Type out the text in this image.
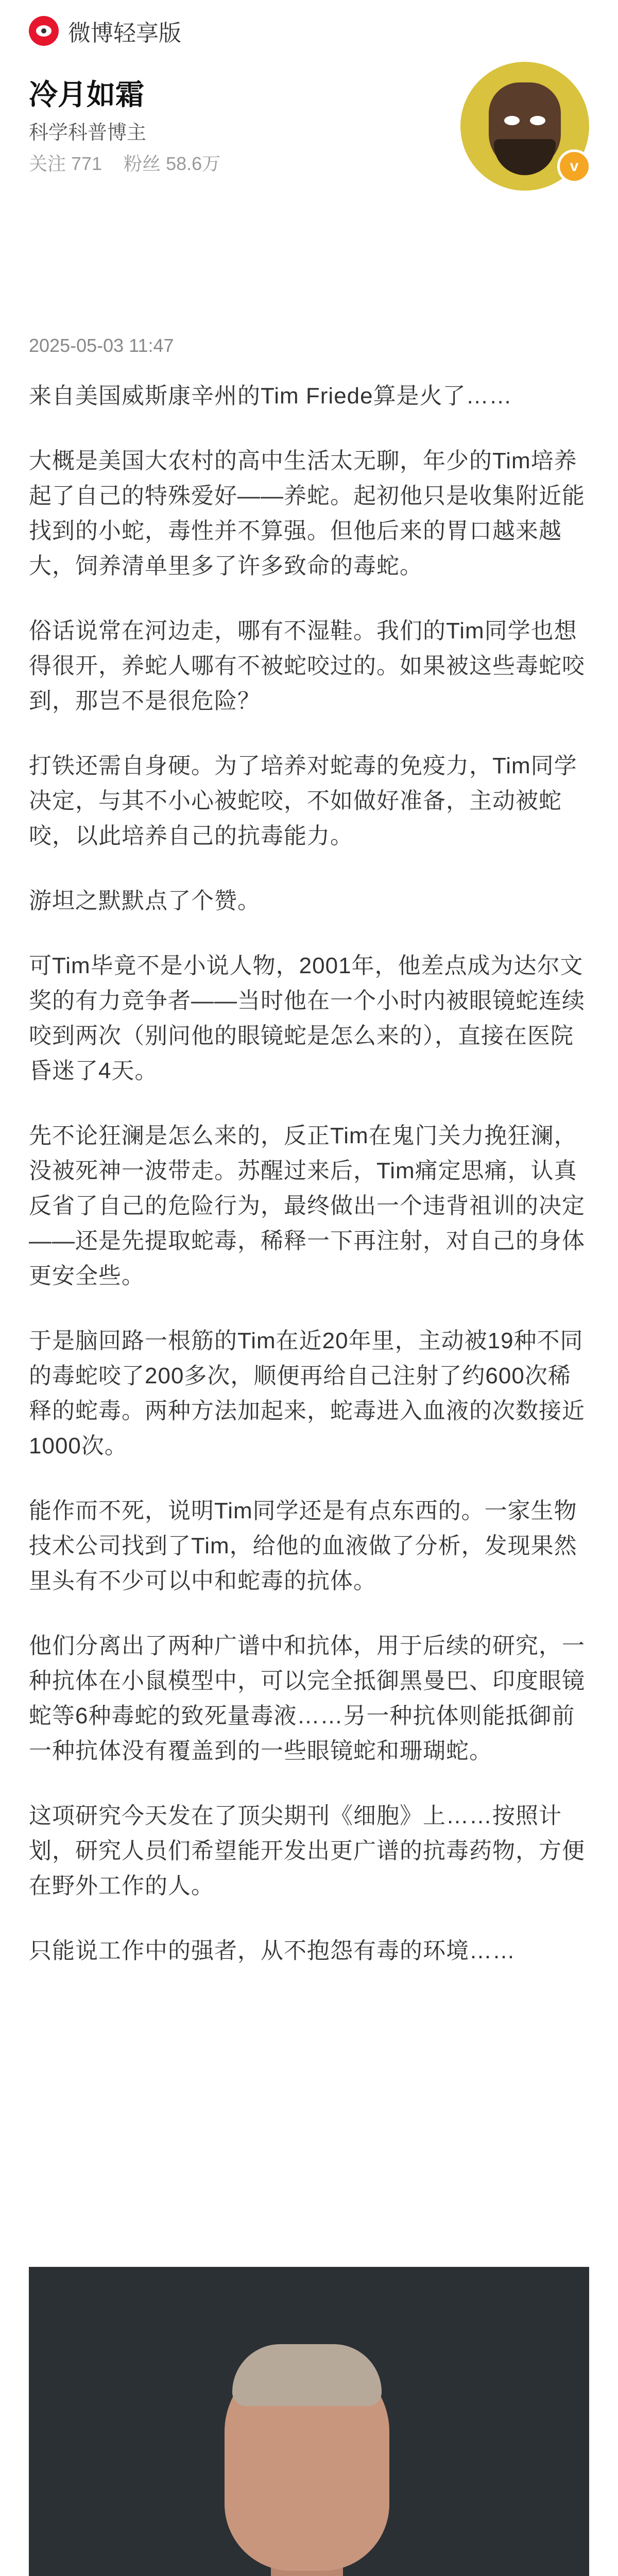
微博轻享版
冷月如霜
科学科普博主
关注 771 粉丝 58.6万	v
2025-05-03 11:47

来自美国威斯康辛州的Tim Friede算是火了……

大概是美国大农村的高中生活太无聊，年少的Tim培养起了自己的特殊爱好——养蛇。起初他只是收集附近能找到的小蛇，毒性并不算强。但他后来的胃口越来越大，饲养清单里多了许多致命的毒蛇。

俗话说常在河边走，哪有不湿鞋。我们的Tim同学也想得很开，养蛇人哪有不被蛇咬过的。如果被这些毒蛇咬到，那岂不是很危险？

打铁还需自身硬。为了培养对蛇毒的免疫力，Tim同学决定，与其不小心被蛇咬，不如做好准备，主动被蛇咬，以此培养自己的抗毒能力。

游坦之默默点了个赞。

可Tim毕竟不是小说人物，2001年，他差点成为达尔文奖的有力竞争者——当时他在一个小时内被眼镜蛇连续咬到两次（别问他的眼镜蛇是怎么来的），直接在医院昏迷了4天。

先不论狂澜是怎么来的，反正Tim在鬼门关力挽狂澜，没被死神一波带走。苏醒过来后，Tim痛定思痛，认真反省了自己的危险行为，最终做出一个违背祖训的决定——还是先提取蛇毒，稀释一下再注射，对自己的身体更安全些。

于是脑回路一根筋的Tim在近20年里，主动被19种不同的毒蛇咬了200多次，顺便再给自己注射了约600次稀释的蛇毒。两种方法加起来，蛇毒进入血液的次数接近1000次。

能作而不死，说明Tim同学还是有点东西的。一家生物技术公司找到了Tim，给他的血液做了分析，发现果然里头有不少可以中和蛇毒的抗体。

他们分离出了两种广谱中和抗体，用于后续的研究，一种抗体在小鼠模型中，可以完全抵御黑曼巴、印度眼镜蛇等6种毒蛇的致死量毒液……另一种抗体则能抵御前一种抗体没有覆盖到的一些眼镜蛇和珊瑚蛇。

这项研究今天发在了顶尖期刊《细胞》上……按照计划，研究人员们希望能开发出更广谱的抗毒药物，方便在野外工作的人。

只能说工作中的强者，从不抱怨有毒的环境……
